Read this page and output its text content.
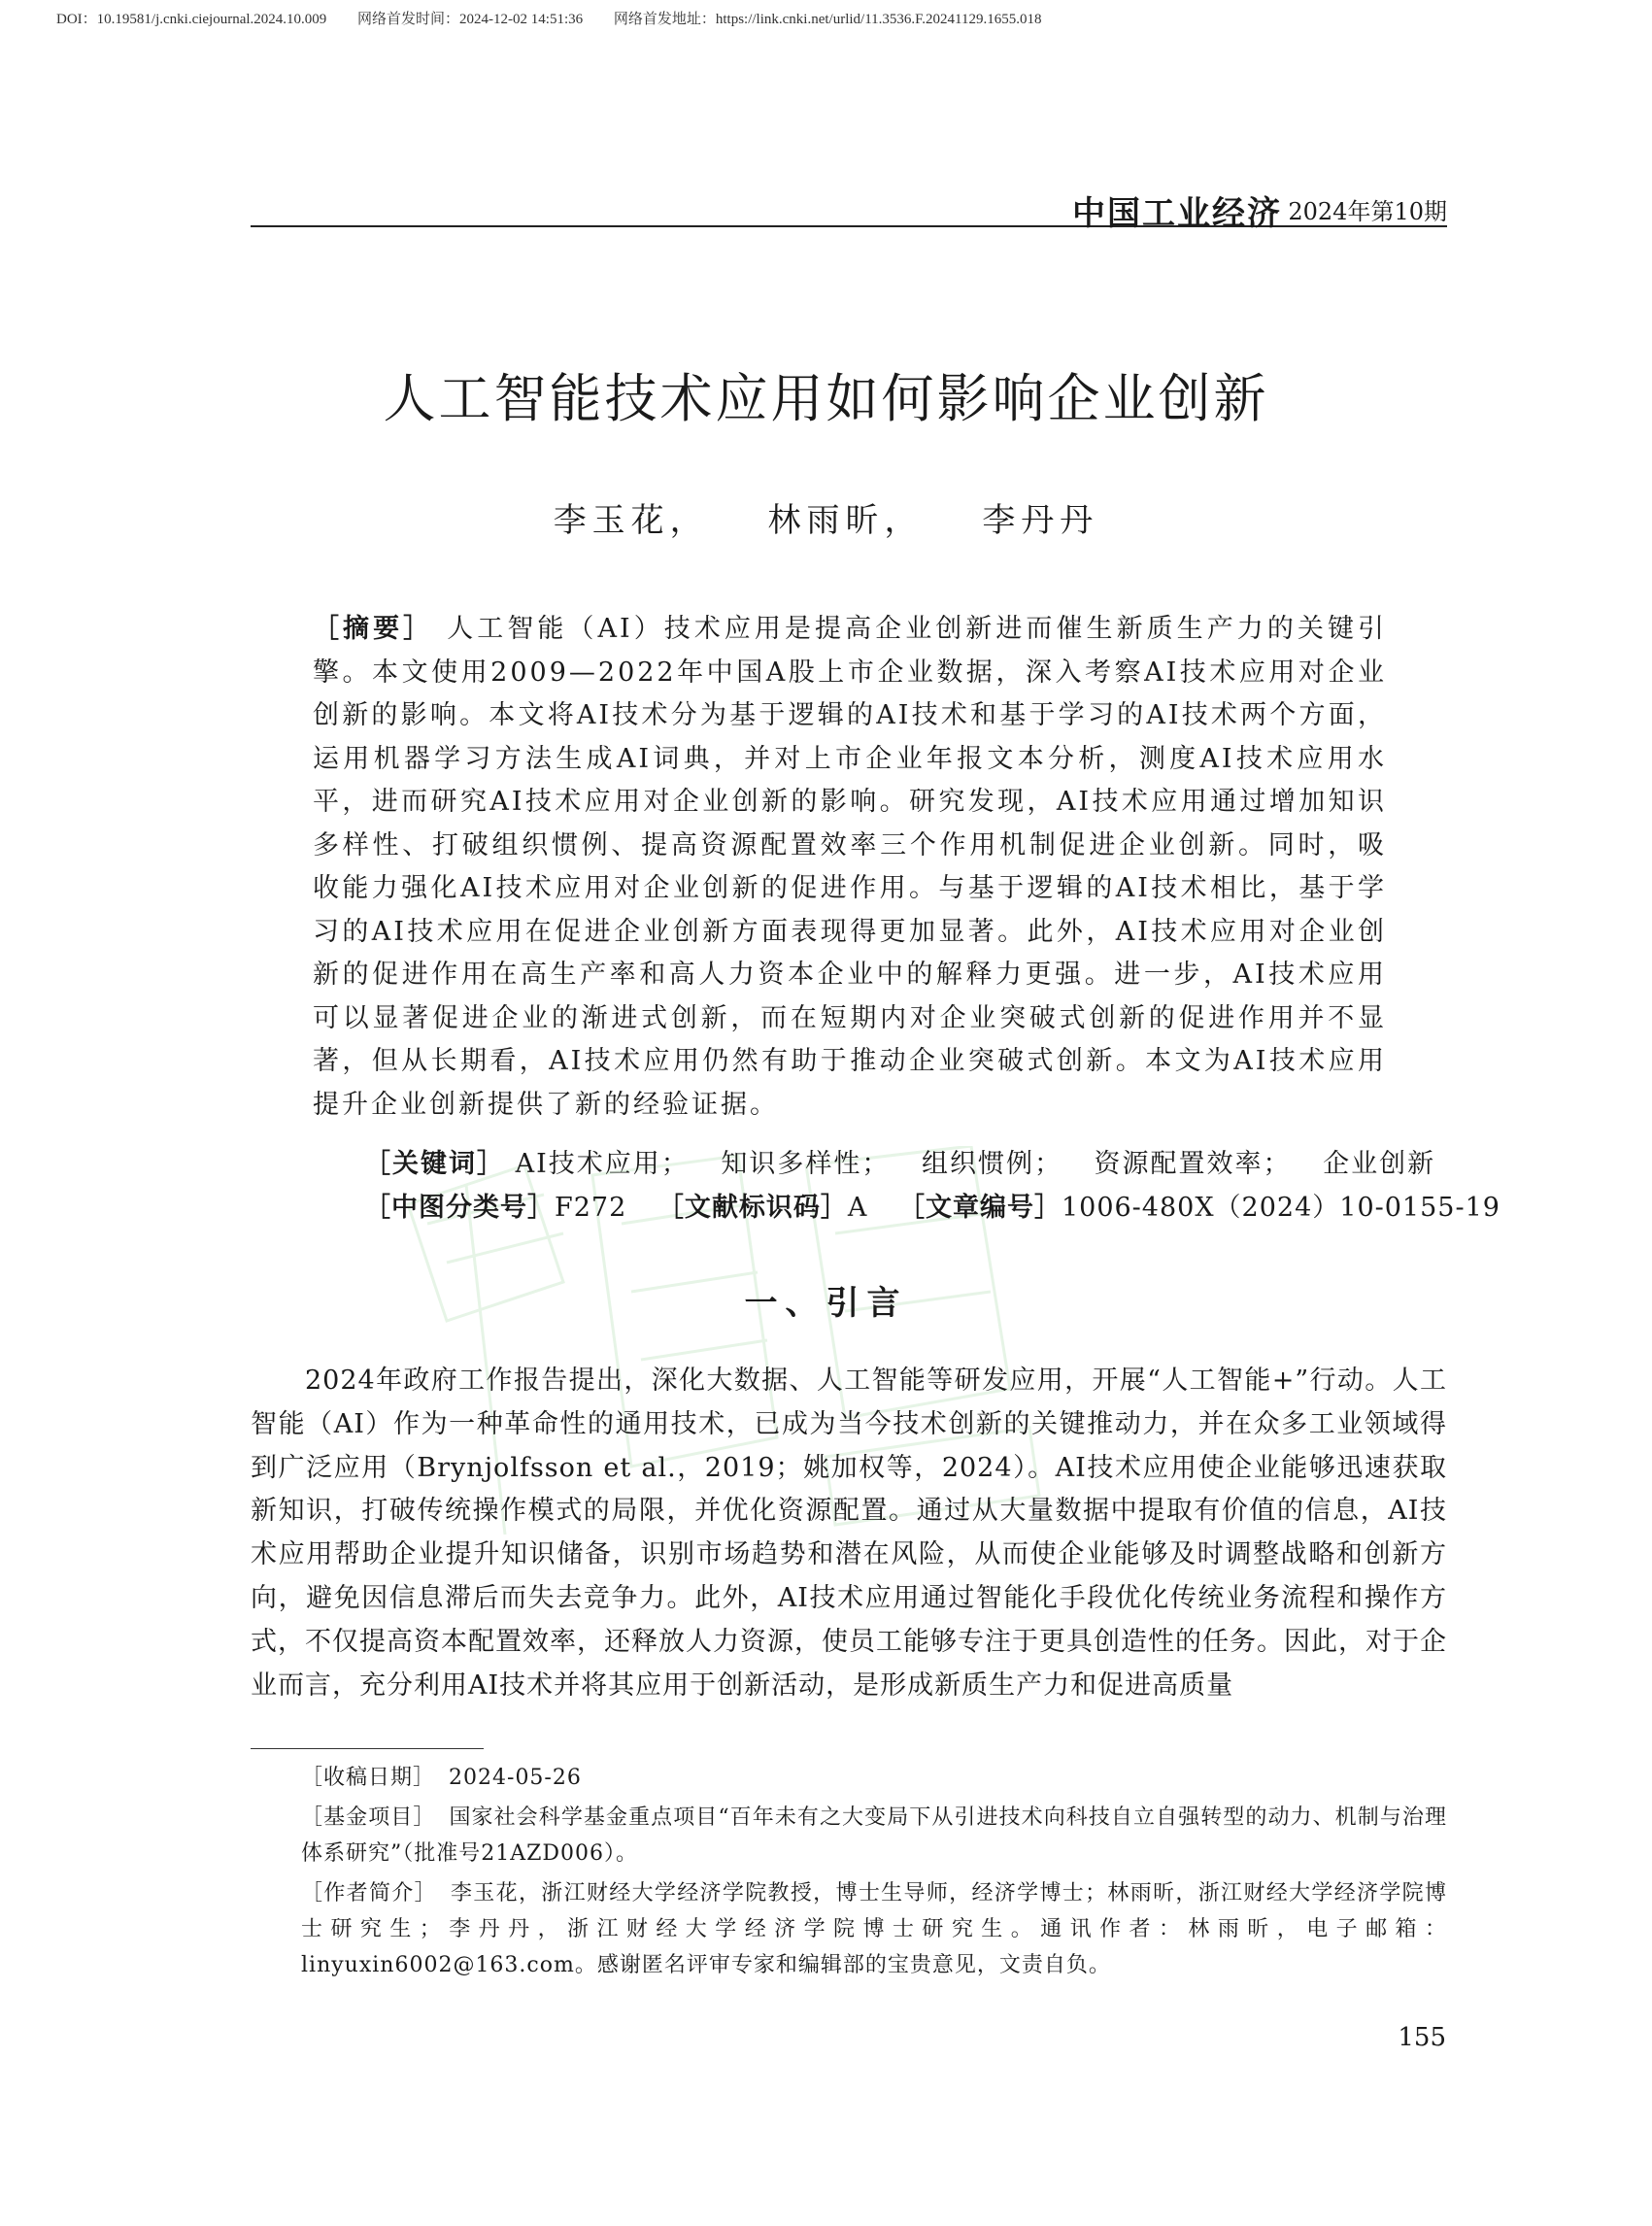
DOI：10.19581/j.cnki.ciejournal.2024.10.009 网络首发时间：2024-12-02 14:51:36 网络首发地址：https://link.cnki.net/urlid/11.3536.F.20241129.1655.018
中国工业经济 2024年第10期
人工智能技术应用如何影响企业创新
李玉花， 林雨昕， 李丹丹
［摘要］ 人工智能（AI）技术应用是提高企业创新进而催生新质生产力的关键引擎。本文使用2009—2022年中国A股上市企业数据，深入考察AI技术应用对企业创新的影响。本文将AI技术分为基于逻辑的AI技术和基于学习的AI技术两个方面，运用机器学习方法生成AI词典，并对上市企业年报文本分析，测度AI技术应用水平，进而研究AI技术应用对企业创新的影响。研究发现，AI技术应用通过增加知识多样性、打破组织惯例、提高资源配置效率三个作用机制促进企业创新。同时，吸收能力强化AI技术应用对企业创新的促进作用。与基于逻辑的AI技术相比，基于学习的AI技术应用在促进企业创新方面表现得更加显著。此外，AI技术应用对企业创新的促进作用在高生产率和高人力资本企业中的解释力更强。进一步，AI技术应用可以显著促进企业的渐进式创新，而在短期内对企业突破式创新的促进作用并不显著，但从长期看，AI技术应用仍然有助于推动企业突破式创新。本文为AI技术应用提升企业创新提供了新的经验证据。
［关键词］ AI技术应用； 知识多样性； 组织惯例； 资源配置效率； 企业创新
［中图分类号］F272 ［文献标识码］A ［文章编号］1006-480X（2024）10-0155-19
一、引言

2024年政府工作报告提出，深化大数据、人工智能等研发应用，开展“人工智能+”行动。人工智能（AI）作为一种革命性的通用技术，已成为当今技术创新的关键推动力，并在众多工业领域得到广泛应用（Brynjolfsson et al.，2019；姚加权等，2024）。AI技术应用使企业能够迅速获取新知识，打破传统操作模式的局限，并优化资源配置。通过从大量数据中提取有价值的信息，AI技术应用帮助企业提升知识储备，识别市场趋势和潜在风险，从而使企业能够及时调整战略和创新方向，避免因信息滞后而失去竞争力。此外，AI技术应用通过智能化手段优化传统业务流程和操作方式，不仅提高资本配置效率，还释放人力资源，使员工能够专注于更具创造性的任务。因此，对于企业而言，充分利用AI技术并将其应用于创新活动，是形成新质生产力和促进高质量

［收稿日期］ 2024-05-26
［基金项目］ 国家社会科学基金重点项目“百年未有之大变局下从引进技术向科技自立自强转型的动力、机制与治理体系研究”（批准号21AZD006）。
［作者简介］ 李玉花，浙江财经大学经济学院教授，博士生导师，经济学博士；林雨昕，浙江财经大学经济学院博士研究生；李丹丹，浙江财经大学经济学院博士研究生。通讯作者：林雨昕，电子邮箱：linyuxin6002@163.com。感谢匿名评审专家和编辑部的宝贵意见，文责自负。
155
